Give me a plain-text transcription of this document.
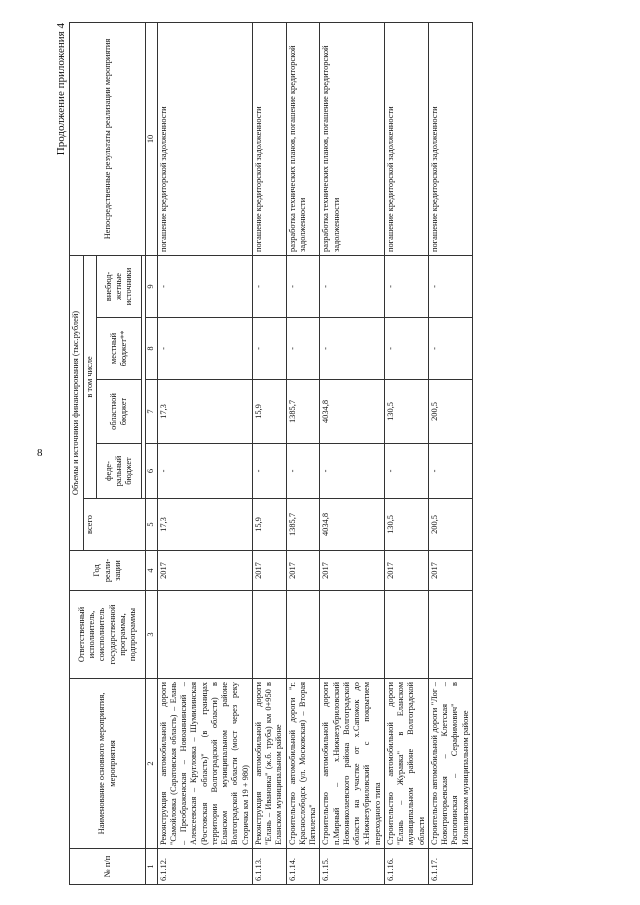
8
Продолжение приложения 4
№ п/п	Наименование основного мероприятия, мероприятия	Ответственный исполнитель, соисполнитель государственной программы, подпрограммы	Год реали-зации	Объемы и источники финансирования (тыс.рублей)					Непосредственные результаты реализации мероприятия
				всего	в том числе				
					феде-ральный бюджет	областной бюджет	местный бюджет**	внебюд-жетные источники	

1	2	3	4	5	6	7	8	9	10
6.1.12.	Реконструкция автомобильной дороги "Самойловка (Саратовская область) – Елань – Преображенская – Новоаннинский – Алексеевская – Кругловка – Шумилинская (Ростовская область)" (в границах территории Волгоградской области) в Еланском муниципальном районе Волгоградской области (мост через реку Сторичка км 19 + 980)		2017	17,3	-	17,3	-	-	погашение кредиторской задолженности
6.1.13.	Реконструкция автомобильной дороги "Елань – Ивановка" (ж.б. труба) км 0+950 в Еланском муниципальном районе		2017	15,9	-	15,9	-	-	погашение кредиторской задолженности
6.1.14.	Строительство автомобильной дороги "г. Краснослободск (ул. Московская) – Вторая Пятилетка"		2017	1385,7	-	1385,7	-	-	разработка технических планов, погашение кредиторской задолженности
6.1.15.	Строительство автомобильной дороги п.Мирный – х.Нижнезубриловский Новониколаевского района Волгоградской области на участке от х.Сапожок до х.Нижнезубриловский с покрытием переходного типа		2017	4034,8	-	4034,8	-	-	разработка технических планов, погашение кредиторской задолженности
6.1.16.	Строительство автомобильной дороги "Елань – Журавка" в Еланском муниципальном районе Волгоградской области		2017	130,5	-	130,5	-	-	погашение кредиторской задолженности
6.1.17.	Строительство автомобильной дороги "Лог – Новогригорьевская – Клетская – Распопинская – Серафимович" в Иловлинском муниципальном районе		2017	200,5	-	200,5	-	-	погашение кредиторской задолженности
